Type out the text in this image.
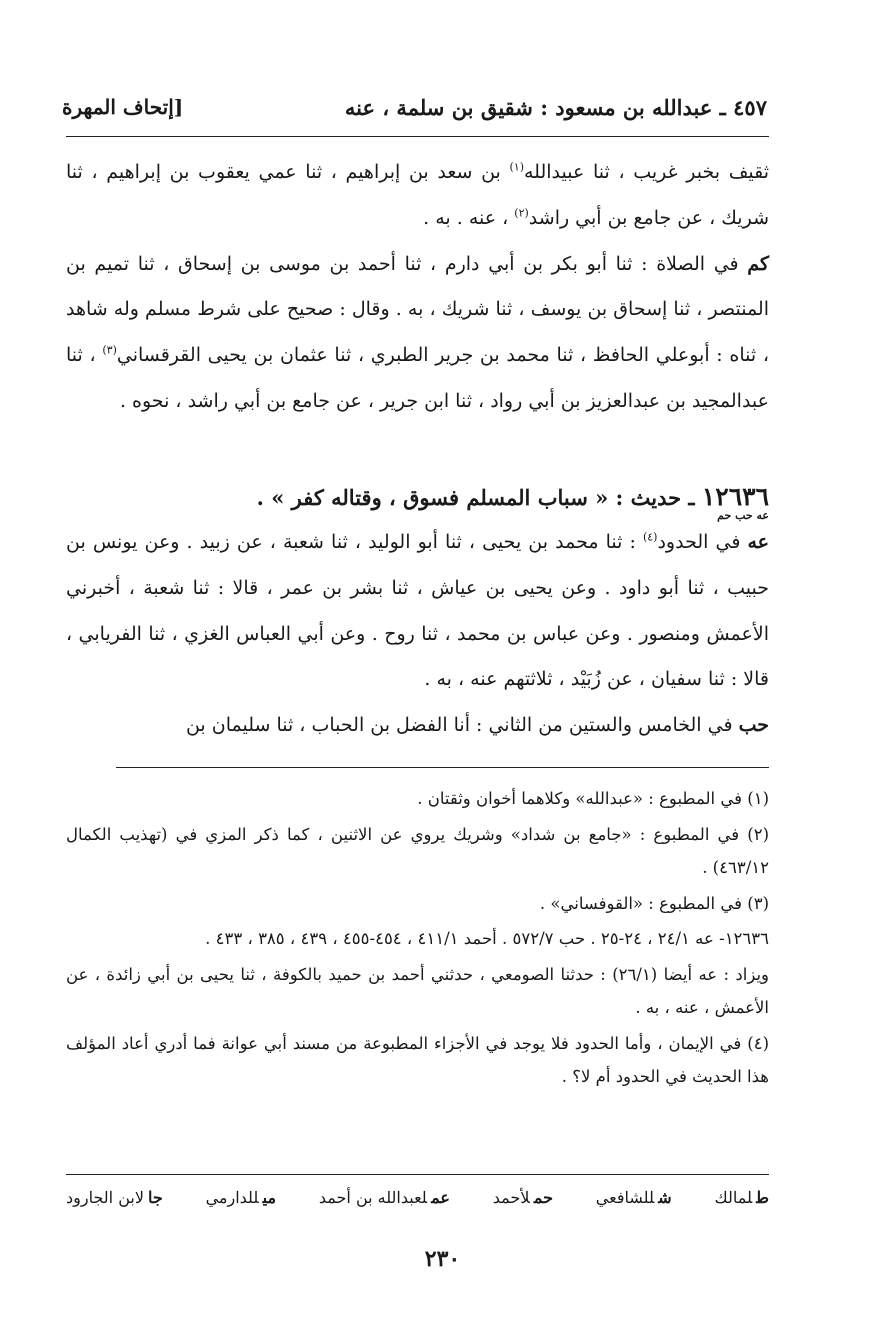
٤٥٧ ـ عبدالله بن مسعود : شقيق بن سلمة ، عنه
[إتحاف المهرة

ثقيف بخبر غريب ، ثنا عبيدالله$^{(١)}$ بن سعد بن إبراهيم ، ثنا عمي يعقوب بن إبراهيم ، ثنا شريك ، عن جامع بن أبي راشد$^{(٢)}$ ، عنه . به .

كم في الصلاة : ثنا أبو بكر بن أبي دارم ، ثنا أحمد بن موسى بن إسحاق ، ثنا تميم بن المنتصر ، ثنا إسحاق بن يوسف ، ثنا شريك ، به . وقال : صحيح على شرط مسلم وله شاهد ، ثناه : أبوعلي الحافظ ، ثنا محمد بن جرير الطبري ، ثنا عثمان بن يحيى القرقساني$^{(٣)}$ ، ثنا عبدالمجيد بن عبدالعزيز بن أبي رواد ، ثنا ابن جرير ، عن جامع بن أبي راشد ، نحوه .

١٢٦٣٦ ـ حديث : « سباب المسلم فسوق ، وقتاله كفر » .

عه حب حم

عه في الحدود$^{(٤)}$ : ثنا محمد بن يحيى ، ثنا أبو الوليد ، ثنا شعبة ، عن زبيد . وعن يونس بن حبيب ، ثنا أبو داود . وعن يحيى بن عياش ، ثنا بشر بن عمر ، قالا : ثنا شعبة ، أخبرني الأعمش ومنصور . وعن عباس بن محمد ، ثنا روح . وعن أبي العباس الغزي ، ثنا الفريابي ، قالا : ثنا سفيان ، عن زُبَيْد ، ثلاثتهم عنه ، به .

حب في الخامس والستين من الثاني : أنا الفضل بن الحباب ، ثنا سليمان بن

(١) في المطبوع : «عبدالله» وكلاهما أخوان وثقتان .

(٢) في المطبوع : «جامع بن شداد» وشريك يروي عن الاثنين ، كما ذكر المزي في (تهذيب الكمال ٤٦٣/١٢) .

(٣) في المطبوع : «القوفساني» .

١٢٦٣٦- عه ٢٤/١ ، ٢٤-٢٥ . حب ٥٧٢/٧ . أحمد ٤١١/١ ، ٤٥٤-٤٥٥ ، ٤٣٩ ، ٣٨٥ ، ٤٣٣ .

ويزاد : عه أيضا (٢٦/١) : حدثنا الصومعي ، حدثني أحمد بن حميد بالكوفة ، ثنا يحيى بن أبي زائدة ، عن الأعمش ، عنه ، به .

(٤) في الإيمان ، وأما الحدود فلا يوجد في الأجزاء المطبوعة من مسند أبي عوانة فما أدري أعاد المؤلف هذا الحديث في الحدود أم لا؟ .

طلمالك
شللشافعي
حملأحمد
عملعبدالله بن أحمد
ميللدارمي
جالابن الجارود
٢٣٠
